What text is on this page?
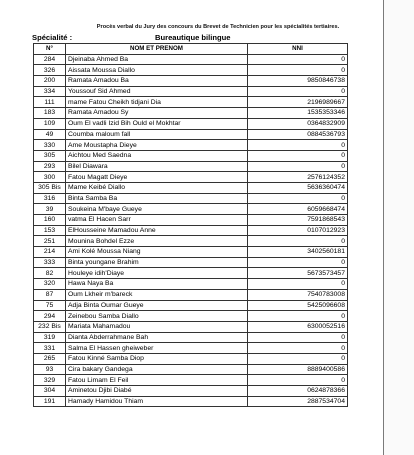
Procès verbal du Jury des concours du Brevet de Technicien pour les spécialités tertiaires.
Spécialité :	Bureautique bilingue
N°	NOM ET PRENOM	NNI
284	Djeinaba Ahmed Ba	0
326	Aissata Moussa Diallo	0
200	Ramata Amadou Ba	9850846738
334	Youssouf Sid Ahmed	0
111	mame Fatou Cheikh tidjani Dia	2196989667
183	Ramata Amadou Sy	1535353346
109	Oum El vadli Izid Bih Ould el Mokhtar	0364832909
49	Coumba maloum fall	0884536793
330	Ame Moustapha Dieye	0
305	Aichtou Med Saedna	0
293	Bilel Diawara	0
300	Fatou Magatt Dieye	2576124352
305 Bis	Mame Keibé Diallo	5636360474
316	Binta Samba Ba	0
39	Soukeina M'baye Gueye	6059668474
160	vatma El Hacen Sarr	7591868543
153	ElHousseine Mamadou Anne	0107012923
251	Mounina Bohdel Ezze	0
214	Ami Kolé Moussa Niang	3402560181
333	Binta youngane Brahim	0
82	Houleye idih'Diaye	5673573457
320	Hawa Naya Ba	0
87	Oum Lkheir m'bareck	7540783008
75	Adja Binta Oumar Gueye	5425096608
294	Zeinebou Samba Diallo	0
232 Bis	Mariata Mahamadou	6300052516
319	Dianta Abderrahmane Bah	0
331	Salma El Hassen gheiweber	0
265	Fatou Kinné Samba Diop	0
93	Cira bakary Gandega	8889400586
329	Fatou Limam El Feil	0
304	Aminetou Djibi Diabé	0624878366
191	Hamady Hamidou Thiam	2887534704
